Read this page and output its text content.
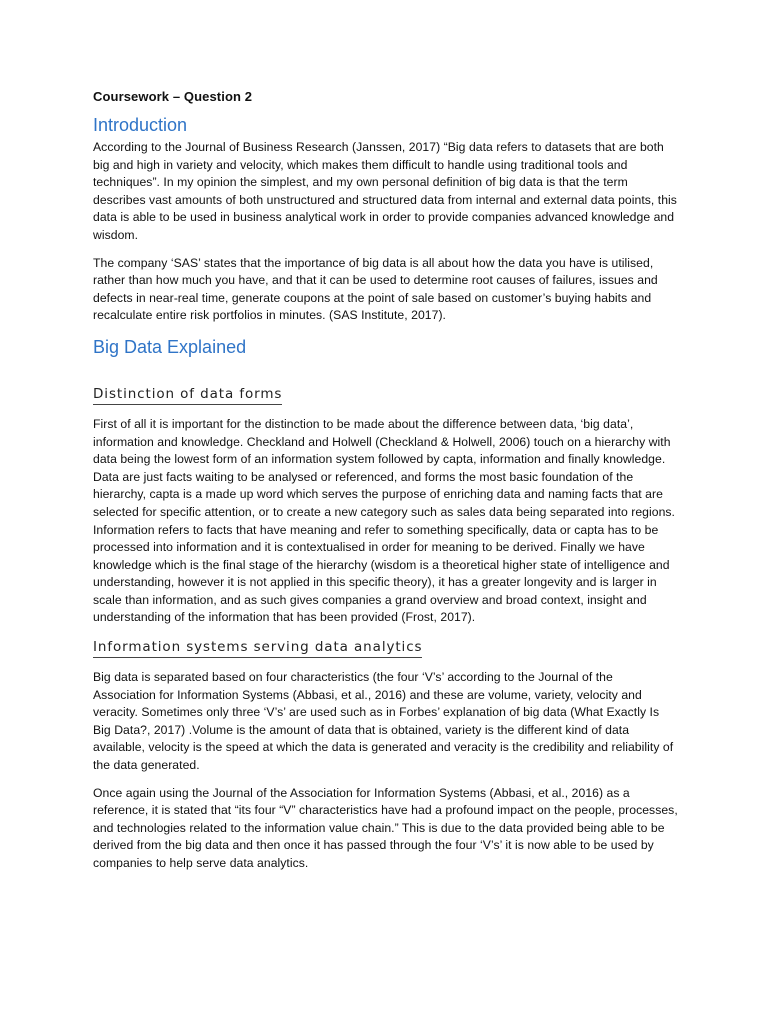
Coursework – Question 2
Introduction

According to the Journal of Business Research (Janssen, 2017) “Big data refers to datasets that are both big and high in variety and velocity, which makes them difficult to handle using traditional tools and techniques”. In my opinion the simplest, and my own personal definition of big data is that the term describes vast amounts of both unstructured and structured data from internal and external data points, this data is able to be used in business analytical work in order to provide companies advanced knowledge and wisdom.

The company ‘SAS’ states that the importance of big data is all about how the data you have is utilised, rather than how much you have, and that it can be used to determine root causes of failures, issues and defects in near-real time, generate coupons at the point of sale based on customer’s buying habits and recalculate entire risk portfolios in minutes. (SAS Institute, 2017).

Big Data Explained
Distinction of data forms

First of all it is important for the distinction to be made about the difference between data, ‘big data’, information and knowledge. Checkland and Holwell (Checkland & Holwell, 2006) touch on a hierarchy with data being the lowest form of an information system followed by capta, information and finally knowledge. Data are just facts waiting to be analysed or referenced, and forms the most basic foundation of the hierarchy, capta is a made up word which serves the purpose of enriching data and naming facts that are selected for specific attention, or to create a new category such as sales data being separated into regions. Information refers to facts that have meaning and refer to something specifically, data or capta has to be processed into information and it is contextualised in order for meaning to be derived. Finally we have knowledge which is the final stage of the hierarchy (wisdom is a theoretical higher state of intelligence and understanding, however it is not applied in this specific theory), it has a greater longevity and is larger in scale than information, and as such gives companies a grand overview and broad context, insight and understanding of the information that has been provided (Frost, 2017).

Information systems serving data analytics

Big data is separated based on four characteristics (the four ‘V’s’ according to the Journal of the Association for Information Systems (Abbasi, et al., 2016) and these are volume, variety, velocity and veracity. Sometimes only three ‘V’s’ are used such as in Forbes’ explanation of big data (What Exactly Is Big Data?, 2017) .Volume is the amount of data that is obtained, variety is the different kind of data available, velocity is the speed at which the data is generated and veracity is the credibility and reliability of the data generated.

Once again using the Journal of the Association for Information Systems (Abbasi, et al., 2016) as a reference, it is stated that “its four “V” characteristics have had a profound impact on the people, processes, and technologies related to the information value chain.” This is due to the data provided being able to be derived from the big data and then once it has passed through the four ‘V’s’ it is now able to be used by companies to help serve data analytics.
